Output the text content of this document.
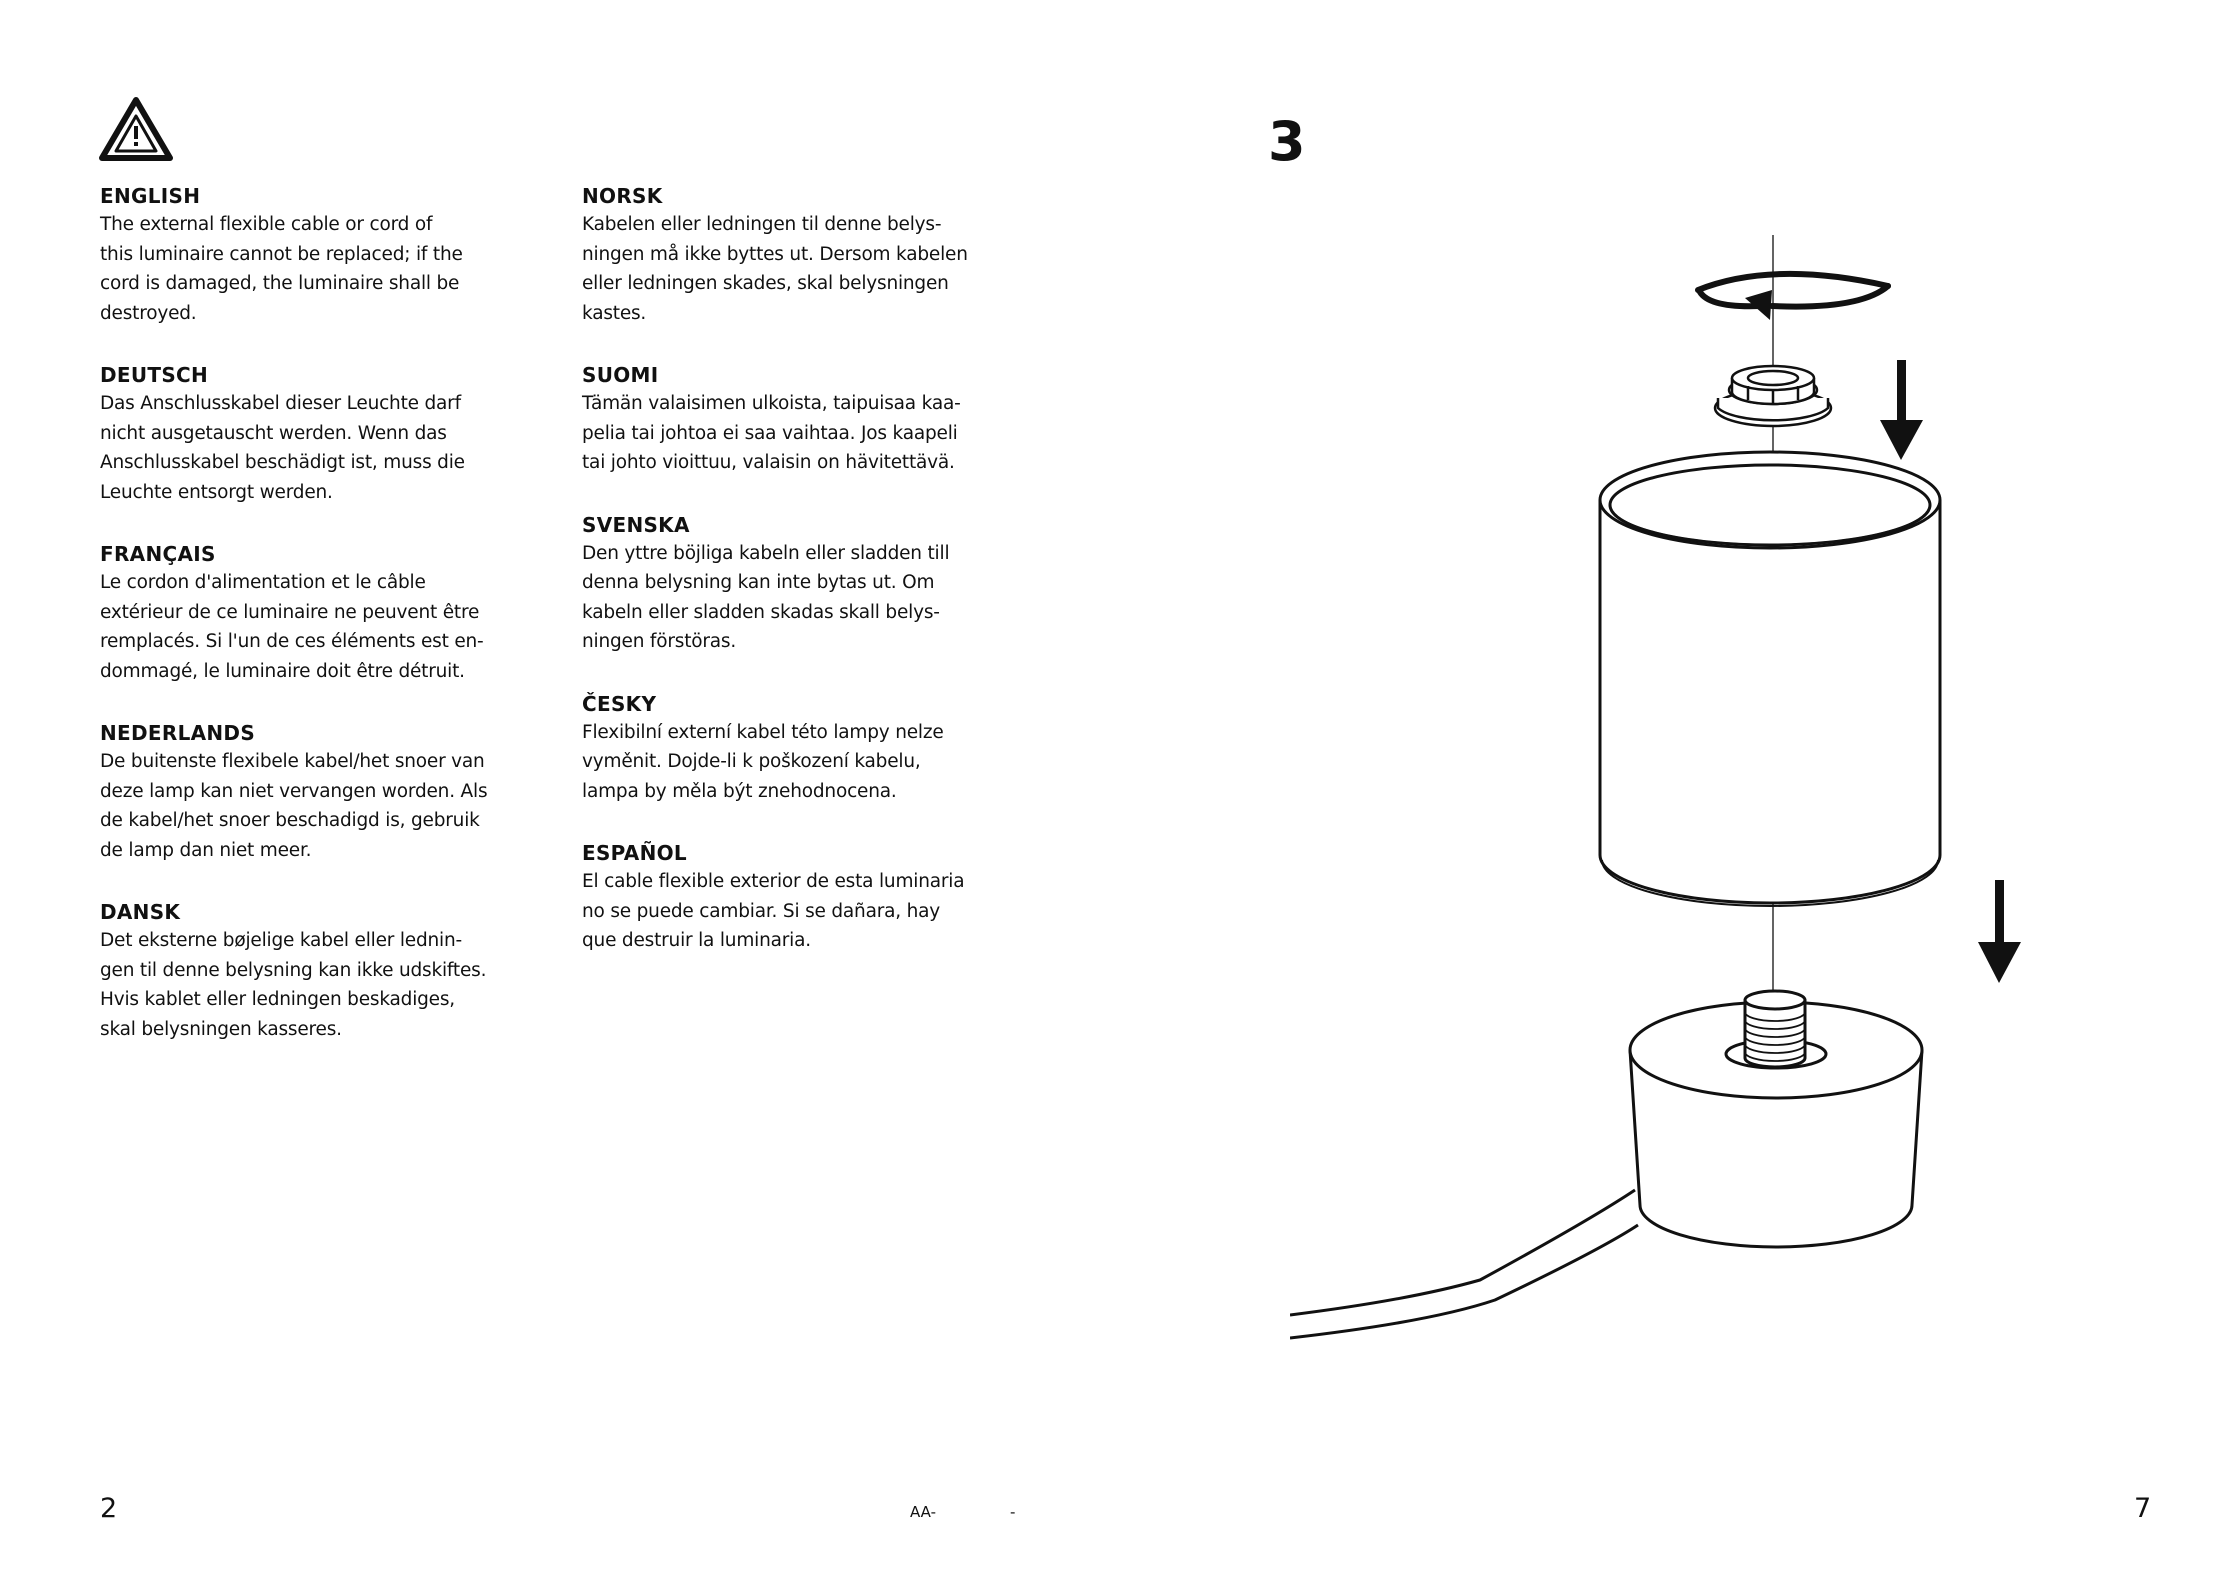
ENGLISH

The external flexible cable or cord of
this luminaire cannot be replaced; if the
cord is damaged, the luminaire shall be
destroyed.

DEUTSCH

Das Anschlusskabel dieser Leuchte darf
nicht ausgetauscht werden. Wenn das
Anschlusskabel beschädigt ist, muss die
Leuchte entsorgt werden.

FRANÇAIS

Le cordon d'alimentation et le câble
extérieur de ce luminaire ne peuvent être
remplacés. Si l'un de ces éléments est en-
dommagé, le luminaire doit être détruit.

NEDERLANDS

De buitenste flexibele kabel/het snoer van
deze lamp kan niet vervangen worden. Als
de kabel/het snoer beschadigd is, gebruik
de lamp dan niet meer.

DANSK

Det eksterne bøjelige kabel eller lednin-
gen til denne belysning kan ikke udskiftes.
Hvis kablet eller ledningen beskadiges,
skal belysningen kasseres.

NORSK

Kabelen eller ledningen til denne belys-
ningen må ikke byttes ut. Dersom kabelen
eller ledningen skades, skal belysningen
kastes.

SUOMI

Tämän valaisimen ulkoista, taipuisaa kaa-
pelia tai johtoa ei saa vaihtaa. Jos kaapeli
tai johto vioittuu, valaisin on hävitettävä.

SVENSKA

Den yttre böjliga kabeln eller sladden till
denna belysning kan inte bytas ut. Om
kabeln eller sladden skadas skall belys-
ningen förstöras.

ČESKY

Flexibilní externí kabel této lampy nelze
vyměnit. Dojde-li k poškození kabelu,
lampa by měla být znehodnocena.

ESPAÑOL

El cable flexible exterior de esta luminaria
no se puede cambiar. Si se dañara, hay
que destruir la luminaria.
2	AA-	-
3
7
